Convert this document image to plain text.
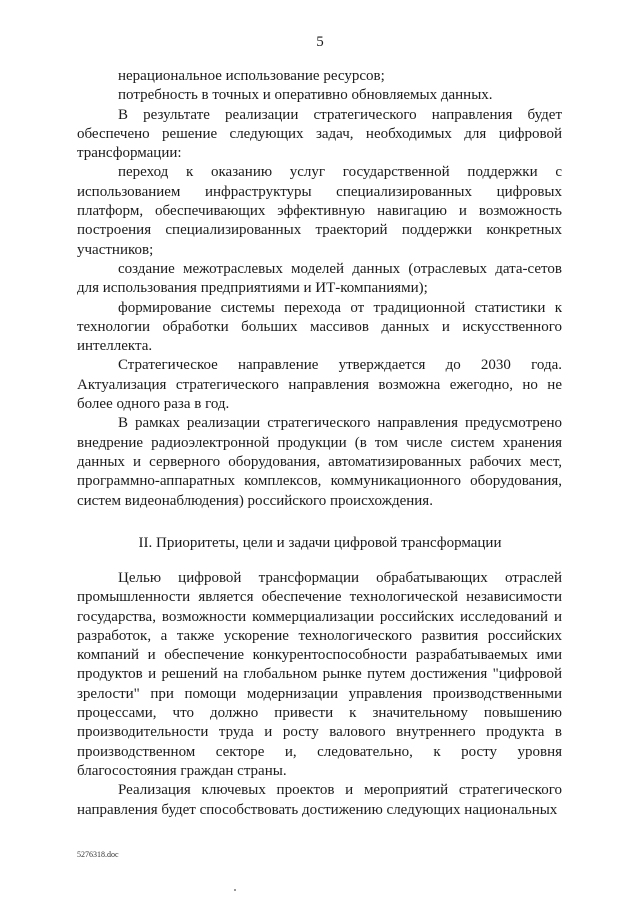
5

нерациональное использование ресурсов;

потребность в точных и оперативно обновляемых данных.

В результате реализации стратегического направления будет обеспечено решение следующих задач, необходимых для цифровой трансформации:

переход к оказанию услуг государственной поддержки с использованием инфраструктуры специализированных цифровых платформ, обеспечивающих эффективную навигацию и возможность построения специализированных траекторий поддержки конкретных участников;

создание межотраслевых моделей данных (отраслевых дата-сетов для использования предприятиями и ИТ-компаниями);

формирование системы перехода от традиционной статистики к технологии обработки больших массивов данных и искусственного интеллекта.

Стратегическое направление утверждается до 2030 года. Актуализация стратегического направления возможна ежегодно, но не более одного раза в год.

В рамках реализации стратегического направления предусмотрено внедрение радиоэлектронной продукции (в том числе систем хранения данных и серверного оборудования, автоматизированных рабочих мест, программно-аппаратных комплексов, коммуникационного оборудования, систем видеонаблюдения) российского происхождения.

II. Приоритеты, цели и задачи цифровой трансформации

Целью цифровой трансформации обрабатывающих отраслей промышленности является обеспечение технологической независимости государства, возможности коммерциализации российских исследований и разработок, а также ускорение технологического развития российских компаний и обеспечение конкурентоспособности разрабатываемых ими продуктов и решений на глобальном рынке путем достижения "цифровой зрелости" при помощи модернизации управления производственными процессами, что должно привести к значительному повышению производительности труда и росту валового внутреннего продукта в производственном секторе и, следовательно, к росту уровня благосостояния граждан страны.

Реализация ключевых проектов и мероприятий стратегического направления будет способствовать достижению следующих национальных

5276318.doc
